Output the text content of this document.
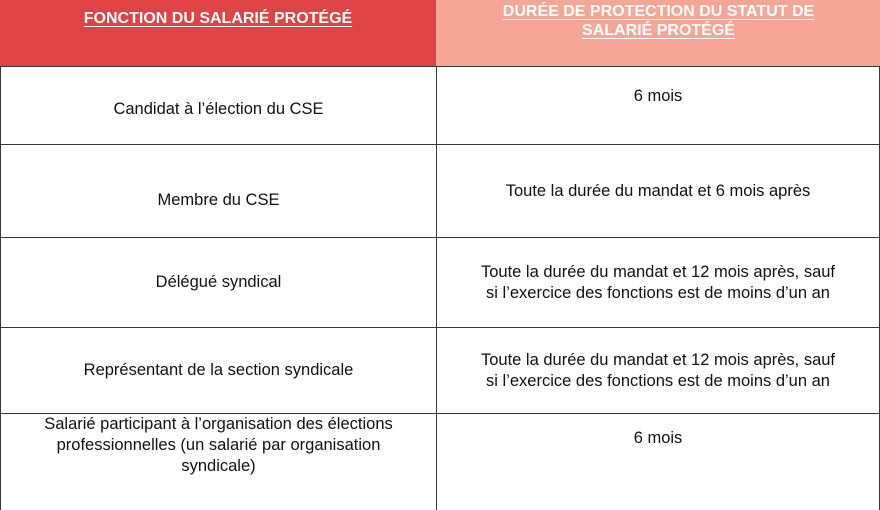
FONCTION DU SALARIÉ PROTÉGÉ	DURÉE DE PROTECTION DU STATUT DE SALARIÉ PROTÉGÉ
Candidat à l’élection du CSE
6 mois
Membre du CSE	Toute la durée du mandat et 6 mois après
Délégué syndical
Toute la durée du mandat et 12 mois après, sauf si l’exercice des fonctions est de moins d’un an
Représentant de la section syndicale
Toute la durée du mandat et 12 mois après, sauf si l’exercice des fonctions est de moins d’un an
Salarié participant à l’organisation des élections professionnelles (un salarié par organisation syndicale)
6 mois
